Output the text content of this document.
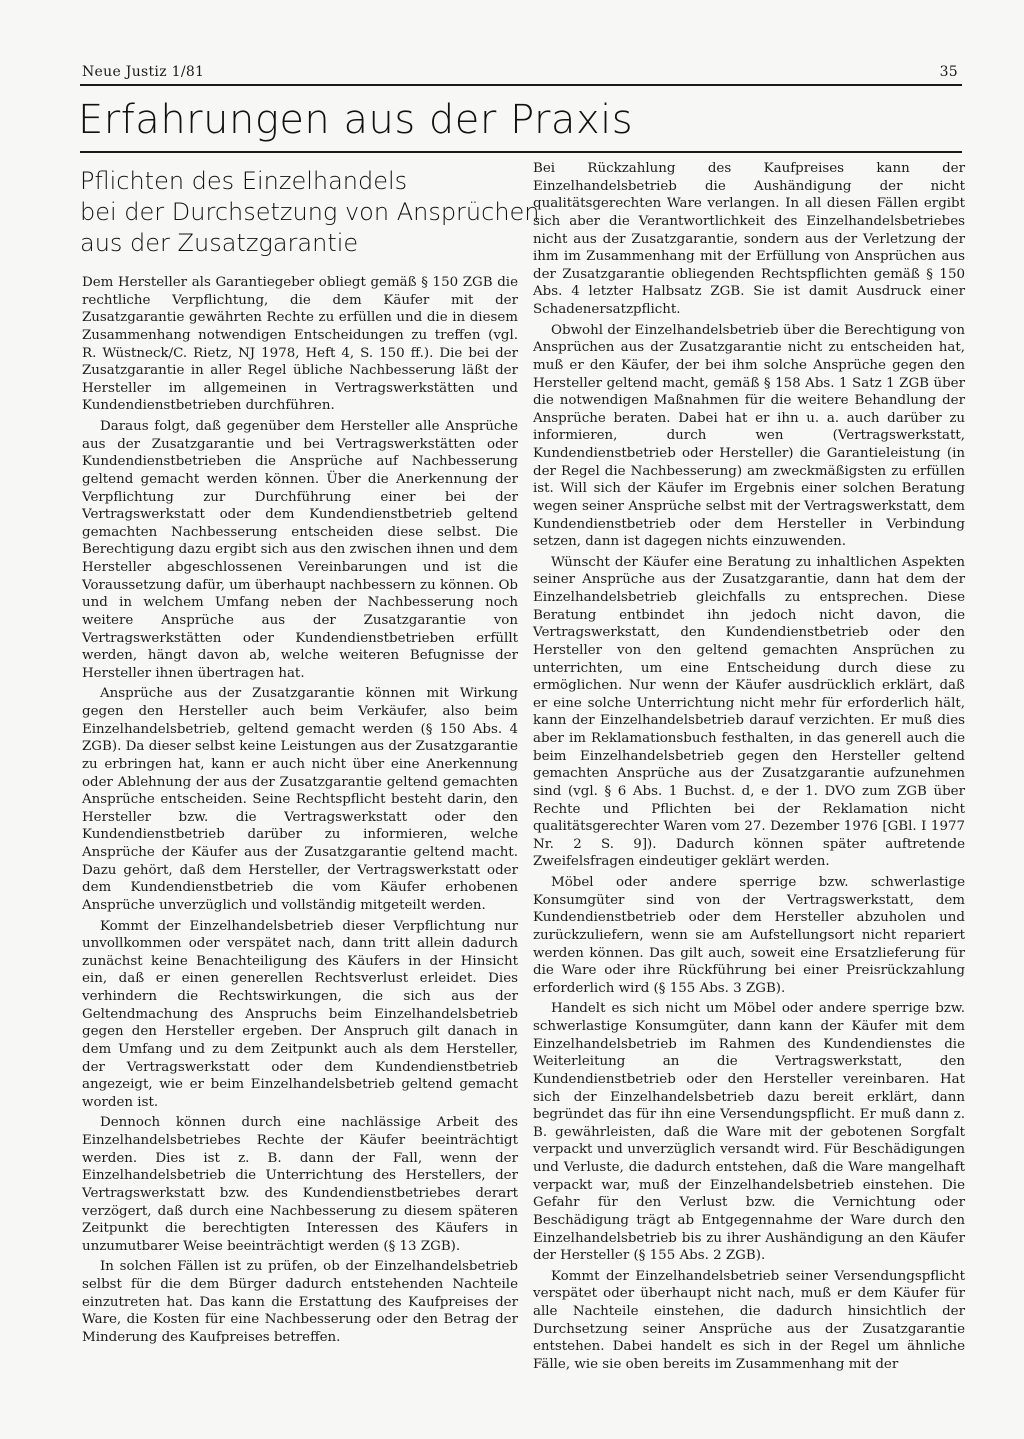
Neue Justiz 1/81	35
Erfahrungen aus der Praxis
Pflichten des Einzelhandels
bei der Durchsetzung von Ansprüchen
aus der Zusatzgarantie

Dem Hersteller als Garantiegeber obliegt gemäß § 150 ZGB die rechtliche Verpflichtung, die dem Käufer mit der Zusatzgarantie gewährten Rechte zu erfüllen und die in diesem Zusammenhang notwendigen Entscheidungen zu treffen (vgl. R. Wüstneck/C. Rietz, NJ 1978, Heft 4, S. 150 ff.). Die bei der Zusatzgarantie in aller Regel übliche Nachbesserung läßt der Hersteller im allgemeinen in Vertragswerkstätten und Kundendienstbetrieben durchführen.

Daraus folgt, daß gegenüber dem Hersteller alle Ansprüche aus der Zusatzgarantie und bei Vertragswerkstätten oder Kundendienstbetrieben die Ansprüche auf Nachbesserung geltend gemacht werden können. Über die Anerkennung der Verpflichtung zur Durchführung einer bei der Vertragswerkstatt oder dem Kundendienstbetrieb geltend gemachten Nachbesserung entscheiden diese selbst. Die Berechtigung dazu ergibt sich aus den zwischen ihnen und dem Hersteller abgeschlossenen Vereinbarungen und ist die Voraussetzung dafür, um überhaupt nachbessern zu können. Ob und in welchem Umfang neben der Nachbesserung noch weitere Ansprüche aus der Zusatzgarantie von Vertragswerkstätten oder Kundendienstbetrieben erfüllt werden, hängt davon ab, welche weiteren Befugnisse der Hersteller ihnen übertragen hat.

Ansprüche aus der Zusatzgarantie können mit Wirkung gegen den Hersteller auch beim Verkäufer, also beim Einzelhandelsbetrieb, geltend gemacht werden (§ 150 Abs. 4 ZGB). Da dieser selbst keine Leistungen aus der Zusatzgarantie zu erbringen hat, kann er auch nicht über eine Anerkennung oder Ablehnung der aus der Zusatzgarantie geltend gemachten Ansprüche entscheiden. Seine Rechtspflicht besteht darin, den Hersteller bzw. die Vertragswerkstatt oder den Kundendienstbetrieb darüber zu informieren, welche Ansprüche der Käufer aus der Zusatzgarantie geltend macht. Dazu gehört, daß dem Hersteller, der Vertragswerkstatt oder dem Kundendienstbetrieb die vom Käufer erhobenen Ansprüche unverzüglich und vollständig mitgeteilt werden.

Kommt der Einzelhandelsbetrieb dieser Verpflichtung nur unvollkommen oder verspätet nach, dann tritt allein dadurch zunächst keine Benachteiligung des Käufers in der Hinsicht ein, daß er einen generellen Rechtsverlust erleidet. Dies verhindern die Rechtswirkungen, die sich aus der Geltendmachung des Anspruchs beim Einzelhandelsbetrieb gegen den Hersteller ergeben. Der Anspruch gilt danach in dem Umfang und zu dem Zeitpunkt auch als dem Hersteller, der Vertragswerkstatt oder dem Kundendienstbetrieb angezeigt, wie er beim Einzelhandelsbetrieb geltend gemacht worden ist.

Dennoch können durch eine nachlässige Arbeit des Einzelhandelsbetriebes Rechte der Käufer beeinträchtigt werden. Dies ist z. B. dann der Fall, wenn der Einzelhandelsbetrieb die Unterrichtung des Herstellers, der Vertragswerkstatt bzw. des Kundendienstbetriebes derart verzögert, daß durch eine Nachbesserung zu diesem späteren Zeitpunkt die berechtigten Interessen des Käufers in unzumutbarer Weise beeinträchtigt werden (§ 13 ZGB).

In solchen Fällen ist zu prüfen, ob der Einzelhandelsbetrieb selbst für die dem Bürger dadurch entstehenden Nachteile einzutreten hat. Das kann die Erstattung des Kaufpreises der Ware, die Kosten für eine Nachbesserung oder den Betrag der Minderung des Kaufpreises betreffen.

Bei Rückzahlung des Kaufpreises kann der Einzelhandelsbetrieb die Aushändigung der nicht qualitätsgerechten Ware verlangen. In all diesen Fällen ergibt sich aber die Verantwortlichkeit des Einzelhandelsbetriebes nicht aus der Zusatzgarantie, sondern aus der Verletzung der ihm im Zusammenhang mit der Erfüllung von Ansprüchen aus der Zusatzgarantie obliegenden Rechtspflichten gemäß § 150 Abs. 4 letzter Halbsatz ZGB. Sie ist damit Ausdruck einer Schadenersatzpflicht.

Obwohl der Einzelhandelsbetrieb über die Berechtigung von Ansprüchen aus der Zusatzgarantie nicht zu entscheiden hat, muß er den Käufer, der bei ihm solche Ansprüche gegen den Hersteller geltend macht, gemäß § 158 Abs. 1 Satz 1 ZGB über die notwendigen Maßnahmen für die weitere Behandlung der Ansprüche beraten. Dabei hat er ihn u. a. auch darüber zu informieren, durch wen (Vertragswerkstatt, Kundendienstbetrieb oder Hersteller) die Garantieleistung (in der Regel die Nachbesserung) am zweckmäßigsten zu erfüllen ist. Will sich der Käufer im Ergebnis einer solchen Beratung wegen seiner Ansprüche selbst mit der Vertragswerkstatt, dem Kundendienstbetrieb oder dem Hersteller in Verbindung setzen, dann ist dagegen nichts einzuwenden.

Wünscht der Käufer eine Beratung zu inhaltlichen Aspekten seiner Ansprüche aus der Zusatzgarantie, dann hat dem der Einzelhandelsbetrieb gleichfalls zu entsprechen. Diese Beratung entbindet ihn jedoch nicht davon, die Vertragswerkstatt, den Kundendienstbetrieb oder den Hersteller von den geltend gemachten Ansprüchen zu unterrichten, um eine Entscheidung durch diese zu ermöglichen. Nur wenn der Käufer ausdrücklich erklärt, daß er eine solche Unterrichtung nicht mehr für erforderlich hält, kann der Einzelhandelsbetrieb darauf verzichten. Er muß dies aber im Reklamationsbuch festhalten, in das generell auch die beim Einzelhandelsbetrieb gegen den Hersteller geltend gemachten Ansprüche aus der Zusatzgarantie aufzunehmen sind (vgl. § 6 Abs. 1 Buchst. d, e der 1. DVO zum ZGB über Rechte und Pflichten bei der Reklamation nicht qualitätsgerechter Waren vom 27. Dezember 1976 [GBl. I 1977 Nr. 2 S. 9]). Dadurch können später auftretende Zweifelsfragen eindeutiger geklärt werden.

Möbel oder andere sperrige bzw. schwerlastige Konsumgüter sind von der Vertragswerkstatt, dem Kundendienstbetrieb oder dem Hersteller abzuholen und zurückzuliefern, wenn sie am Aufstellungsort nicht repariert werden können. Das gilt auch, soweit eine Ersatzlieferung für die Ware oder ihre Rückführung bei einer Preisrückzahlung erforderlich wird (§ 155 Abs. 3 ZGB).

Handelt es sich nicht um Möbel oder andere sperrige bzw. schwerlastige Konsumgüter, dann kann der Käufer mit dem Einzelhandelsbetrieb im Rahmen des Kundendienstes die Weiterleitung an die Vertragswerkstatt, den Kundendienstbetrieb oder den Hersteller vereinbaren. Hat sich der Einzelhandelsbetrieb dazu bereit erklärt, dann begründet das für ihn eine Versendungspflicht. Er muß dann z. B. gewährleisten, daß die Ware mit der gebotenen Sorgfalt verpackt und unverzüglich versandt wird. Für Beschädigungen und Verluste, die dadurch entstehen, daß die Ware mangelhaft verpackt war, muß der Einzelhandelsbetrieb einstehen. Die Gefahr für den Verlust bzw. die Vernichtung oder Beschädigung trägt ab Entgegennahme der Ware durch den Einzelhandelsbetrieb bis zu ihrer Aushändigung an den Käufer der Hersteller (§ 155 Abs. 2 ZGB).

Kommt der Einzelhandelsbetrieb seiner Versendungspflicht verspätet oder überhaupt nicht nach, muß er dem Käufer für alle Nachteile einstehen, die dadurch hinsichtlich der Durchsetzung seiner Ansprüche aus der Zusatzgarantie entstehen. Dabei handelt es sich in der Regel um ähnliche Fälle, wie sie oben bereits im Zusammenhang mit der
